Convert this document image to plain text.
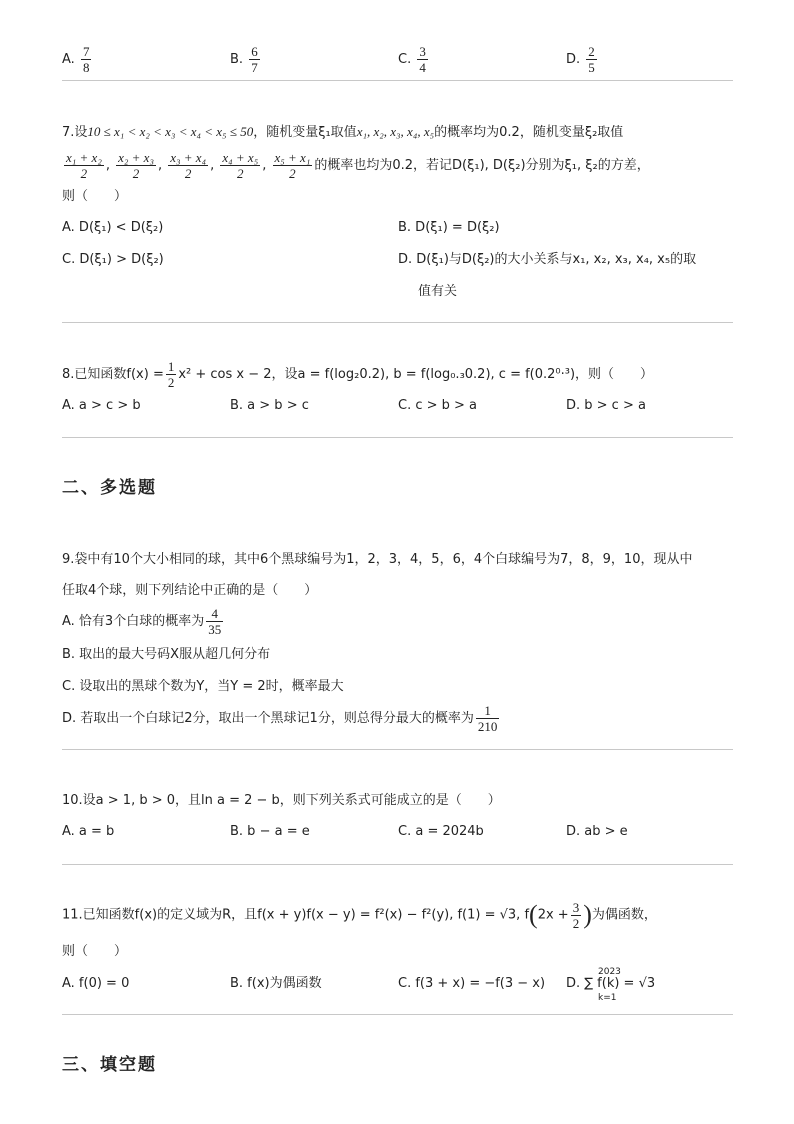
A. $\frac{7}{8}$	B. $\frac{6}{7}$	C. $\frac{3}{4}$	D. $\frac{2}{5}$
7.设10 ≤ x₁ < x₂ < x₃ < x₄ < x₅ ≤ 50，随机变量ξ₁取值x₁, x₂, x₃, x₄, x₅的概率均为0.2，随机变量ξ₂取值
$\frac{\text{x₁ + x₂}}{2}$ , $\frac{\text{x₂ + x₃}}{2}$ , $\frac{\text{x₃ + x₄}}{2}$ , $\frac{\text{x₄ + x₅}}{2}$ , $\frac{\text{x₅ + x₁}}{2}$ 的概率也均为0.2，若记D(ξ₁), D(ξ₂)分别为ξ₁, ξ₂的方差，
则（　　）
A. D(ξ₁) < D(ξ₂)	B. D(ξ₁) = D(ξ₂)
C. D(ξ₁) > D(ξ₂)	D. D(ξ₁)与D(ξ₂)的大小关系与x₁, x₂, x₃, x₄, x₅的取
值有关
8.已知函数$f(x) = \frac{1}{2} x^2 + \cos x - 2$，设a = f(log₂0.2), b = f(log₀.₃0.2), c = f(0.2⁰·³)，则（　　）
A. a > c > b	B. a > b > c	C. c > b > a	D. b > c > a
二、多选题
9.袋中有10个大小相同的球，其中6个黑球编号为1，2，3，4，5，6，4个白球编号为7，8，9，10，现从中
任取4个球，则下列结论中正确的是（　　）
A. 恰有3个白球的概率为 $\frac{4}{35}$
B. 取出的最大号码X服从超几何分布
C. 设取出的黑球个数为Y，当Y = 2时，概率最大
D. 若取出一个白球记2分，取出一个黑球记1分，则总得分最大的概率为 $\frac{1}{210}$
10.设a > 1, b > 0，且ln a = 2 − b，则下列关系式可能成立的是（　　）
A. a = b	B. b − a = e	C. a = 2024b	D. ab > e
11.已知函数f(x)的定义域为R，且f(x + y)f(x − y) = f²(x) − f²(y), f(1) = √3, $f(2x + \frac{3}{2}$ )为偶函数，
则（　　）
A. f(0) = 0	B. f(x)为偶函数	C. f(3 + x) = −f(3 − x) D. ∑ f(k) = √3
2023
k=1
三、填空题
